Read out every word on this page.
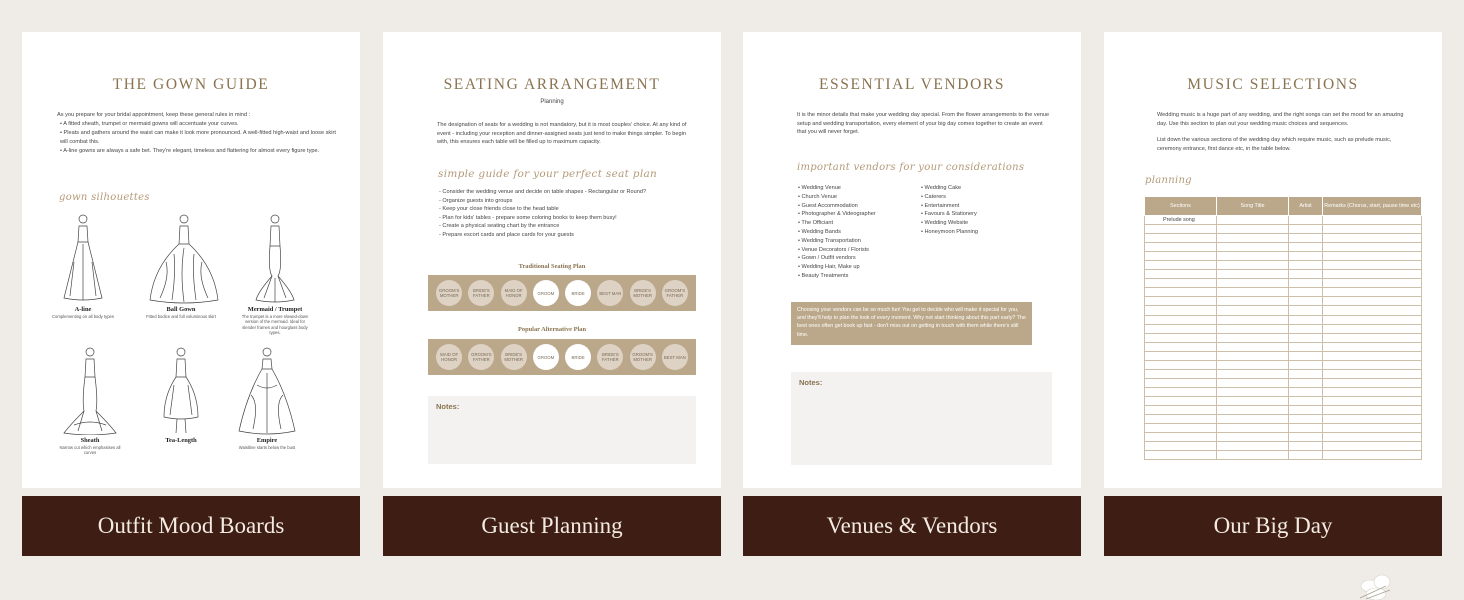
THE GOWN GUIDE
As you prepare for your bridal appointment, keep these general rules in mind :
• A fitted sheath, trumpet or mermaid gowns will accentuate your curves.
• Pleats and gathers around the waist can make it look more pronounced. A well-fitted high-waist and loose skirt will combat this.
• A-line gowns are always a safe bet. They're elegant, timeless and flattering for almost every figure type.
gown silhouettes
A-line
Complementing on all body types
Ball Gown
Fitted bodice and full voluminous skirt
Mermaid / Trumpet
The trumpet is a more slowed-down version of the mermaid. Ideal for slender frames and hourglass body types.
Sheath
Narrow cut which emphasises all curves
Tea-Length	Empire
Waistline starts below the bust
Outfit Mood Boards
SEATING ARRANGEMENT
Planning
The designation of seats for a wedding is not mandatory, but it is most couples' choice. At any kind of event - including your reception and dinner-assigned seats just tend to make things simpler. To begin with, this ensures each table will be filled up to maximum capacity.
simple guide for your perfect seat plan
- Consider the wedding venue and decide on table shapes - Rectangular or Round?
- Organize guests into groups
- Keep your close friends close to the head table
- Plan for kids' tables - prepare some coloring books to keep them busy!
- Create a physical seating chart by the entrance
- Prepare escort cards and place cards for your guests
Traditional Seating Plan
GROOM'S MOTHER
BRIDE'S FATHER
MAID OF HONOR	GROOM	BRIDE	BEST MAN	BRIDE'S MOTHER
GROOM'S FATHER
Popular Alternative Plan
MAID OF HONOR
GROOM'S FATHER
BRIDE'S MOTHER	GROOM	BRIDE	BRIDE'S FATHER
GROOM'S MOTHER	BEST MAN
Notes:
Guest Planning
ESSENTIAL VENDORS
It is the minor details that make your wedding day special. From the flower arrangements to the venue setup and wedding transportation, every element of your big day comes together to create an event that you will never forget.
important vendors for your considerations
• Wedding Venue
• Church Venue
• Guest Accommodation
• Photographer & Videographer
• The Officiant
• Wedding Bands
• Wedding Transportation
• Venue Decorators / Florists
• Gown / Outfit vendors
• Wedding Hair, Make up
• Beauty Treatments
• Wedding Cake
• Caterers
• Entertainment
• Favours & Stationery
• Wedding Website
• Honeymoon Planning
Choosing your vendors can be so much fun! You get to decide who will make it special for you, and they'll help to plan the look of every moment. Why not start thinking about this part early? The best ones often get book up fast - don't miss out on getting in touch with them while there's still time.
Notes:
Venues & Vendors
MUSIC SELECTIONS
Wedding music is a huge part of any wedding, and the right songs can set the mood for an amazing day. Use this section to plan out your wedding music choices and sequences.
List down the various sections of the wedding day which require music, such as prelude music, ceremony entrance, first dance etc, in the table below.
planning
Sections	Song Title	Artist	Remarks (Chorus, start, pause time etc)
Prelude song			

Our Big Day
